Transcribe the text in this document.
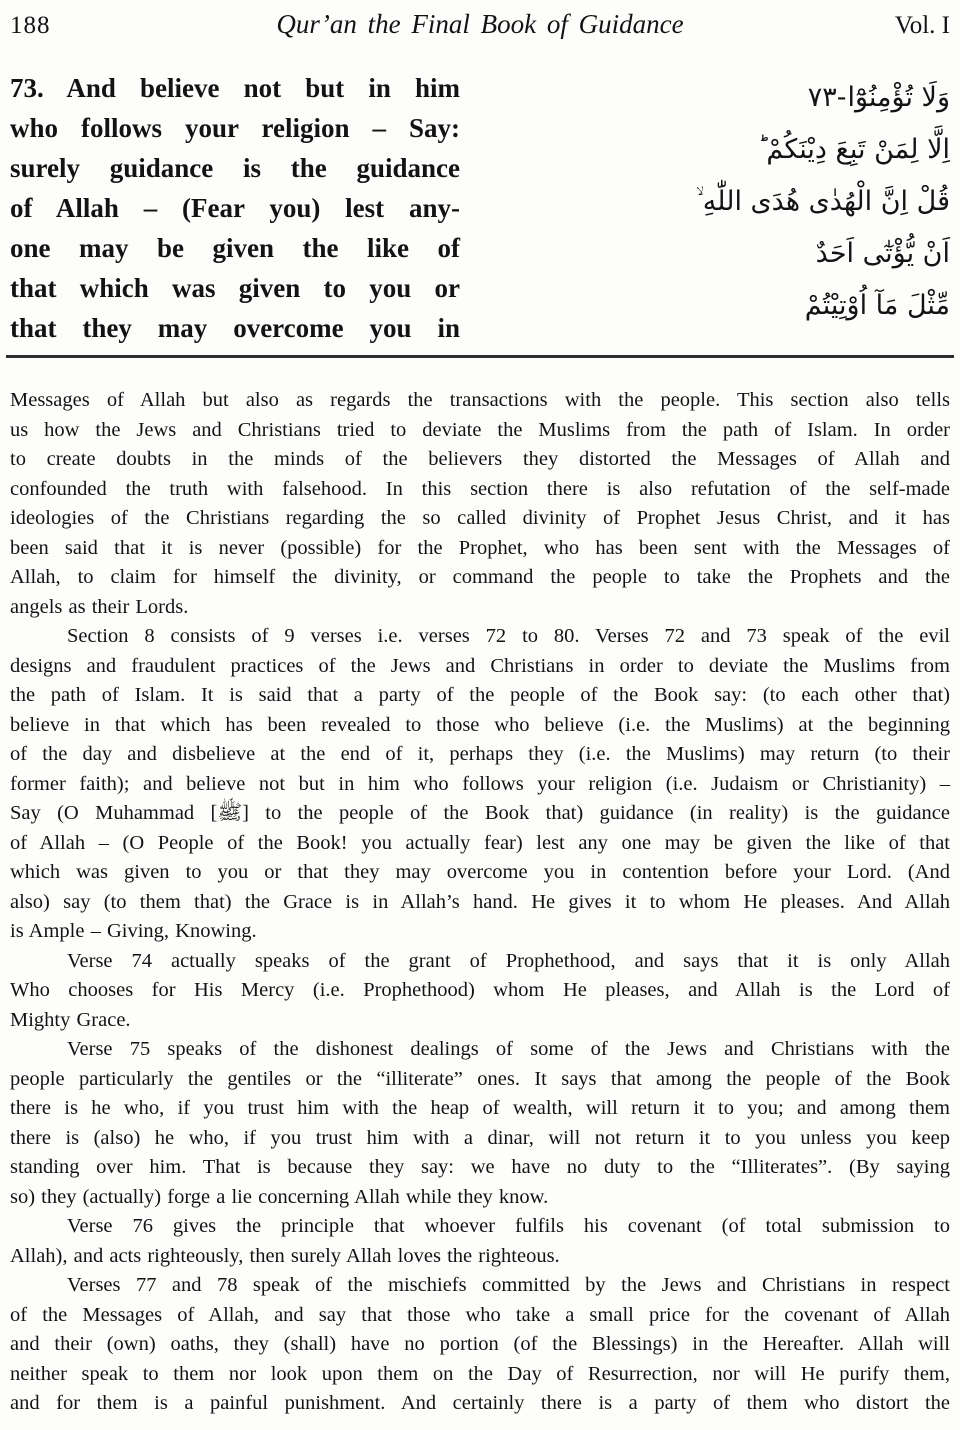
188	Qur’an the Final Book of Guidance	Vol. I
73. And believe not but in him
who follows your religion – Say:
surely guidance is the guidance
of Allah – (Fear you) lest any-
one may be given the like of
that which was given to you or
that they may overcome you in
۷۳-وَلَا تُؤْمِنُوْٓا
اِلَّا لِمَنْ تَبِعَ دِيْنَكُمْ ؕ
قُلْ اِنَّ الْهُدٰى هُدَى اللّٰهِ ۙ
اَنْ يُّؤْتٰٓى اَحَدٌ
مِّثْلَ مَآ اُوْتِيْتُمْ
Messages of Allah but also as regards the transactions with the people. This section also tells
us how the Jews and Christians tried to deviate the Muslims from the path of Islam. In order
to create doubts in the minds of the believers they distorted the Messages of Allah and
confounded the truth with falsehood. In this section there is also refutation of the self-made
ideologies of the Christians regarding the so called divinity of Prophet Jesus Christ, and it has
been said that it is never (possible) for the Prophet, who has been sent with the Messages of
Allah, to claim for himself the divinity, or command the people to take the Prophets and the
angels as their Lords.
Section 8 consists of 9 verses i.e. verses 72 to 80. Verses 72 and 73 speak of the evil
designs and fraudulent practices of the Jews and Christians in order to deviate the Muslims from
the path of Islam. It is said that a party of the people of the Book say: (to each other that)
believe in that which has been revealed to those who believe (i.e. the Muslims) at the beginning
of the day and disbelieve at the end of it, perhaps they (i.e. the Muslims) may return (to their
former faith); and believe not but in him who follows your religion (i.e. Judaism or Christianity) –
Say (O Muhammad [ﷺ] to the people of the Book that) guidance (in reality) is the guidance
of Allah – (O People of the Book! you actually fear) lest any one may be given the like of that
which was given to you or that they may overcome you in contention before your Lord. (And
also) say (to them that) the Grace is in Allah’s hand. He gives it to whom He pleases. And Allah
is Ample – Giving, Knowing.
Verse 74 actually speaks of the grant of Prophethood, and says that it is only Allah
Who chooses for His Mercy (i.e. Prophethood) whom He pleases, and Allah is the Lord of
Mighty Grace.
Verse 75 speaks of the dishonest dealings of some of the Jews and Christians with the
people particularly the gentiles or the “illiterate” ones. It says that among the people of the Book
there is he who, if you trust him with the heap of wealth, will return it to you; and among them
there is (also) he who, if you trust him with a dinar, will not return it to you unless you keep
standing over him. That is because they say: we have no duty to the “Illiterates”. (By saying
so) they (actually) forge a lie concerning Allah while they know.
Verse 76 gives the principle that whoever fulfils his covenant (of total submission to
Allah), and acts righteously, then surely Allah loves the righteous.
Verses 77 and 78 speak of the mischiefs committed by the Jews and Christians in respect
of the Messages of Allah, and say that those who take a small price for the covenant of Allah
and their (own) oaths, they (shall) have no portion (of the Blessings) in the Hereafter. Allah will
neither speak to them nor look upon them on the Day of Resurrection, nor will He purify them,
and for them is a painful punishment. And certainly there is a party of them who distort the
